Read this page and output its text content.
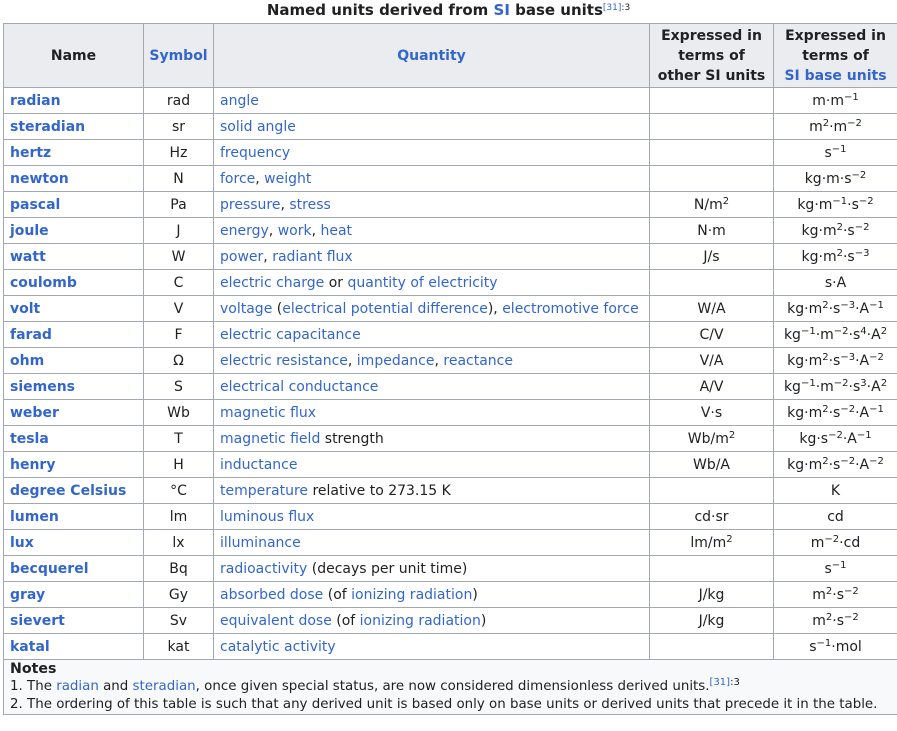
Named units derived from SI base units$^{[31]:3}$
Name	Symbol	Quantity	Expressed in
terms of
other SI units	Expressed in
terms of
SI base units
radian	rad	angle		$m\cdot m^{-1}$
steradian	sr	solid angle		$m^2\cdot m^{-2}$
hertz	Hz	frequency		$s^{-1}$
newton	N	force, weight		$kg\cdot m\cdot s^{-2}$
pascal	Pa	pressure, stress	$N/m^2$	$kg\cdot m^{-1}\cdot s^{-2}$
joule	J	energy, work, heat	N⋅m	$kg\cdot m^2\cdot s^{-2}$
watt	W	power, radiant flux	J/s	$kg\cdot m^2\cdot s^{-3}$
coulomb	C	electric charge or quantity of electricity		s⋅A
volt	V	voltage (electrical potential difference), electromotive force	W/A	$kg\cdot m^2\cdot s^{-3}\cdot A^{-1}$
farad	F	electric capacitance	C/V	$kg^{-1}\cdot m^{-2}\cdot s^4\cdot A^2$
ohm	Ω	electric resistance, impedance, reactance	V/A	$kg\cdot m^2\cdot s^{-3}\cdot A^{-2}$
siemens	S	electrical conductance	A/V	$kg^{-1}\cdot m^{-2}\cdot s^3\cdot A^2$
weber	Wb	magnetic flux	V⋅s	$kg\cdot m^2\cdot s^{-2}\cdot A^{-1}$
tesla	T	magnetic field strength	$Wb/m^2$	$kg\cdot s^{-2}\cdot A^{-1}$
henry	H	inductance	Wb/A	$kg\cdot m^2\cdot s^{-2}\cdot A^{-2}$
degree Celsius	°C	temperature relative to 273.15 K		K
lumen	lm	luminous flux	cd⋅sr	cd
lux	lx	illuminance	$lm/m^2$	$m^{-2}\cdot cd$
becquerel	Bq	radioactivity (decays per unit time)		$s^{-1}$
gray	Gy	absorbed dose (of ionizing radiation)	J/kg	$m^2\cdot s^{-2}$
sievert	Sv	equivalent dose (of ionizing radiation)	J/kg	$m^2\cdot s^{-2}$
katal	kat	catalytic activity		$s^{-1}\cdot mol$

Notes
1. The radian and steradian, once given special status, are now considered dimensionless derived units.$^{[31]:3}$
2. The ordering of this table is such that any derived unit is based only on base units or derived units that precede it in the table.				
